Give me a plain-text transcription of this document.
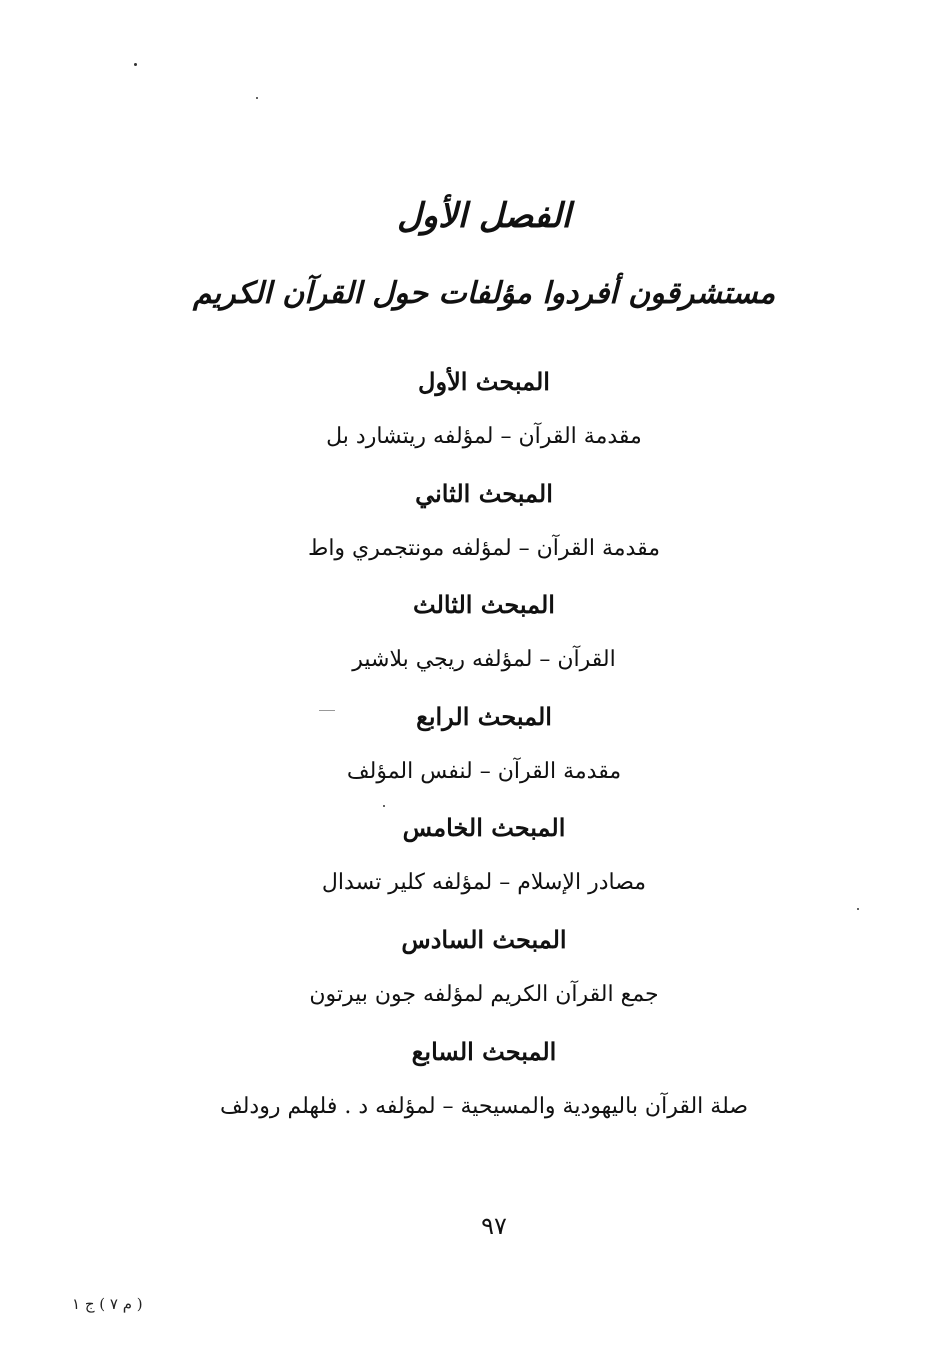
الفصل الأول
مستشرقون أفردوا مؤلفات حول القرآن الكريم
المبحث الأول
مقدمة القرآن – لمؤلفه ريتشارد بل
المبحث الثاني
مقدمة القرآن – لمؤلفه مونتجمري واط
المبحث الثالث
القرآن – لمؤلفه ريجي بلاشير
المبحث الرابع
مقدمة القرآن – لنفس المؤلف
المبحث الخامس
مصادر الإسلام – لمؤلفه كلير تسدال
المبحث السادس
جمع القرآن الكريم لمؤلفه جون بيرتون
المبحث السابع
صلة القرآن باليهودية والمسيحية – لمؤلفه د . فلهلم رودلف
٩٧
( م ٧ ) ج ١
